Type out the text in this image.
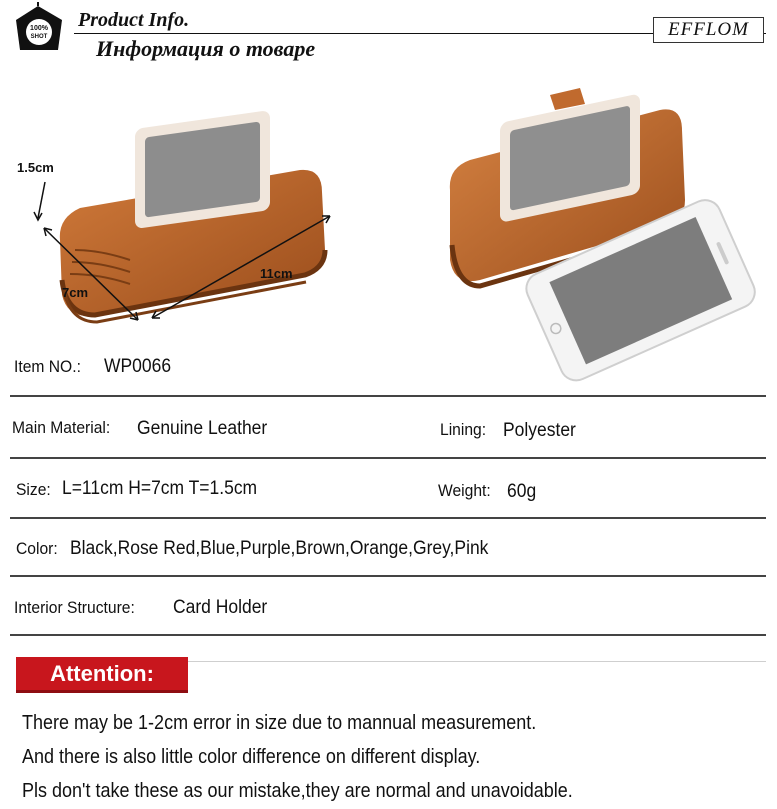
100%
SHOT
Product Info.
Информация о товаре
EFFLOM
1.5cm
7cm
11cm
Item NO.: WP0066
Main Material: Genuine Leather	Lining: Polyester
Size: L=11cm H=7cm T=1.5cm	Weight: 60g
Color: Black,Rose Red,Blue,Purple,Brown,Orange,Grey,Pink
Interior Structure: Card Holder
Attention:
There may be 1-2cm error in size due to mannual measurement.
And there is also little color difference on different display.
Pls don't take these as our mistake,they are normal and unavoidable.
